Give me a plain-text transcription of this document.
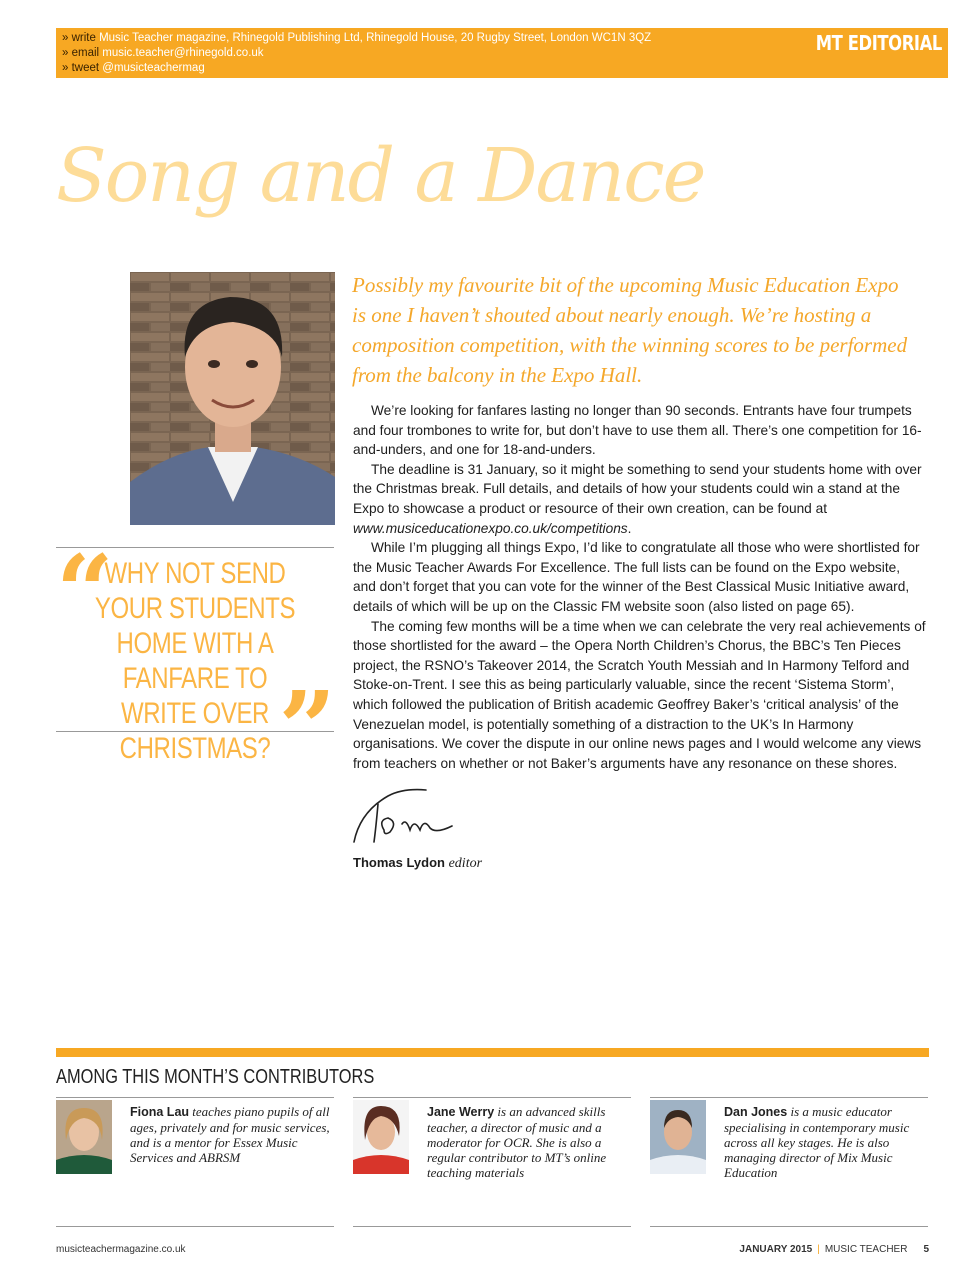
» write Music Teacher magazine, Rhinegold Publishing Ltd, Rhinegold House, 20 Rugby Street, London WC1N 3QZ
» email music.teacher@rhinegold.co.uk
» tweet @musicteachermag
MT EDITORIAL
Song and a Dance
Possibly my favourite bit of the upcoming Music Education Expo is one I haven’t shouted about nearly enough. We’re hosting a composition competition, with the winning scores to be performed from the balcony in the Expo Hall.

We’re looking for fanfares lasting no longer than 90 seconds. Entrants have four trumpets and four trombones to write for, but don’t have to use them all. There’s one competition for 16-and-unders, and one for 18-and-unders.

The deadline is 31 January, so it might be something to send your students home with over the Christmas break. Full details, and details of how your students could win a stand at the Expo to showcase a product or resource of their own creation, can be found at www.musiceducationexpo.co.uk/competitions.

While I’m plugging all things Expo, I’d like to congratulate all those who were shortlisted for the Music Teacher Awards For Excellence. The full lists can be found on the Expo website, and don’t forget that you can vote for the winner of the Best Classical Music Initiative award, details of which will be up on the Classic FM website soon (also listed on page 65).

The coming few months will be a time when we can celebrate the very real achievements of those shortlisted for the award – the Opera North Children’s Chorus, the BBC’s Ten Pieces project, the RSNO’s Takeover 2014, the Scratch Youth Messiah and In Harmony Telford and Stoke-on-Trent. I see this as being particularly valuable, since the recent ‘Sistema Storm’, which followed the publication of British academic Geoffrey Baker’s ‘critical analysis’ of the Venezuelan model, is potentially something of a distraction to the UK’s In Harmony organisations. We cover the dispute in our online news pages and I would welcome any views from teachers on whether or not Baker’s arguments have any resonance on these shores.

“
WHY NOT SEND YOUR STUDENTS HOME WITH A FANFARE TO WRITE OVER CHRISTMAS? ”
Thomas Lydon editor
AMONG THIS MONTH’S CONTRIBUTORS
Fiona Lau teaches piano pupils of all ages, privately and for music services, and is a mentor for Essex Music Services and ABRSM
Jane Werry is an advanced skills teacher, a director of music and a moderator for OCR. She is also a regular contributor to MT’s online teaching materials
Dan Jones is a music educator specialising in contemporary music across all key stages. He is also managing director of Mix Music Education
musicteachermagazine.co.uk	JANUARY 2015 | MUSIC TEACHER 5
